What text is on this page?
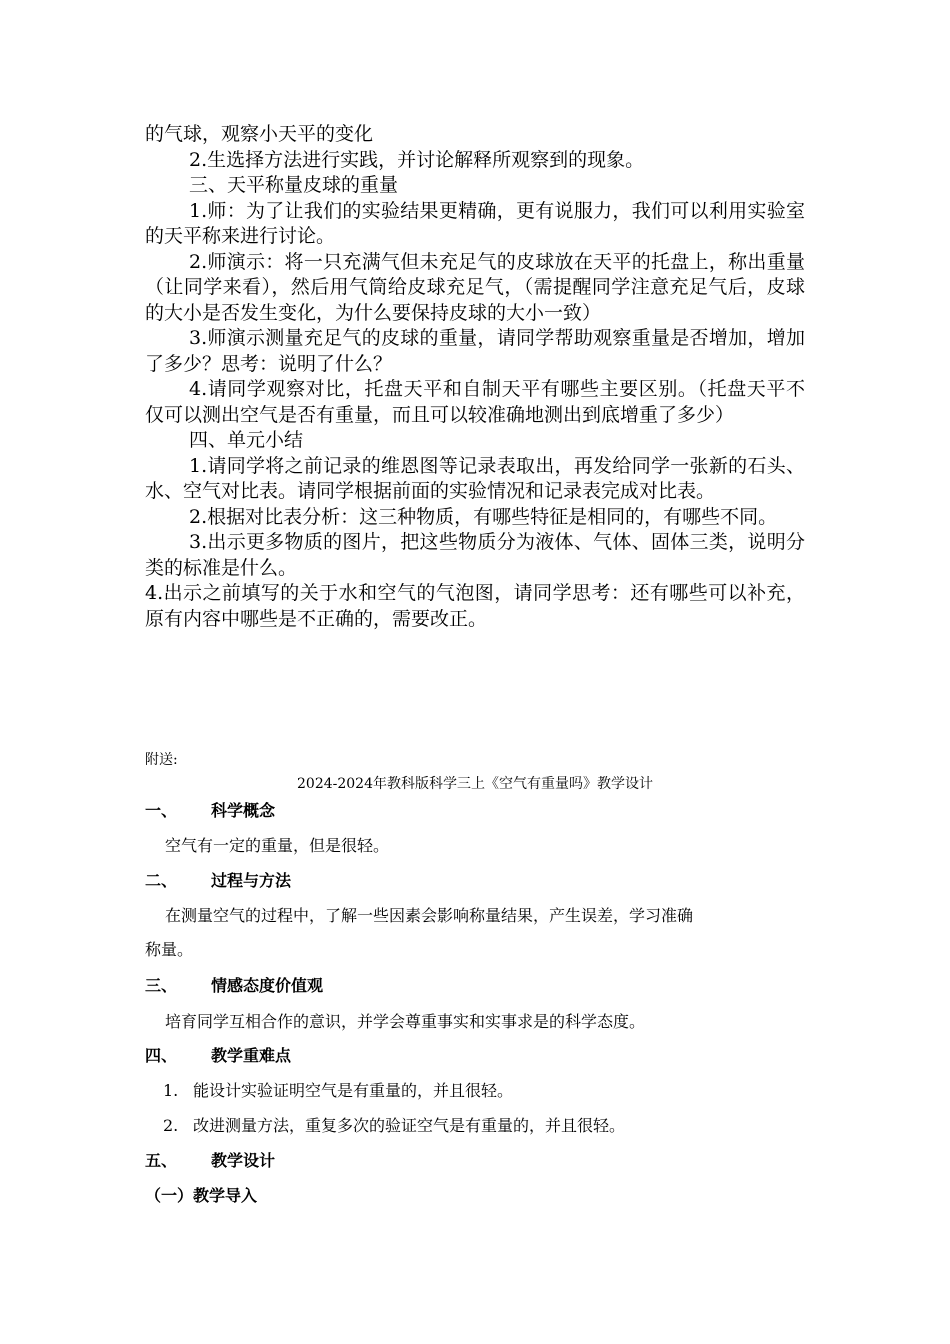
的气球，观察小天平的变化

2.生选择方法进行实践，并讨论解释所观察到的现象。

三、天平称量皮球的重量

1.师：为了让我们的实验结果更精确，更有说服力，我们可以利用实验室的天平称来进行讨论。

2.师演示：将一只充满气但未充足气的皮球放在天平的托盘上，称出重量（让同学来看），然后用气筒给皮球充足气，（需提醒同学注意充足气后，皮球的大小是否发生变化，为什么要保持皮球的大小一致）

3.师演示测量充足气的皮球的重量，请同学帮助观察重量是否增加，增加了多少？思考：说明了什么？

4.请同学观察对比，托盘天平和自制天平有哪些主要区别。（托盘天平不仅可以测出空气是否有重量，而且可以较准确地测出到底增重了多少）

四、单元小结

1.请同学将之前记录的维恩图等记录表取出，再发给同学一张新的石头、水、空气对比表。请同学根据前面的实验情况和记录表完成对比表。

2.根据对比表分析：这三种物质，有哪些特征是相同的，有哪些不同。

3.出示更多物质的图片，把这些物质分为液体、气体、固体三类，说明分类的标准是什么。

4.出示之前填写的关于水和空气的气泡图，请同学思考：还有哪些可以补充，原有内容中哪些是不正确的，需要改正。

附送:
2024-2024年教科版科学三上《空气有重量吗》教学设计
一、 科学概念
空气有一定的重量，但是很轻。
二、 过程与方法
在测量空气的过程中，了解一些因素会影响称量结果，产生误差，学习准确
称量。
三、 情感态度价值观
培育同学互相合作的意识，并学会尊重事实和实事求是的科学态度。
四、 教学重难点
1. 能设计实验证明空气是有重量的，并且很轻。
2. 改进测量方法，重复多次的验证空气是有重量的，并且很轻。
五、 教学设计
（一）教学导入
